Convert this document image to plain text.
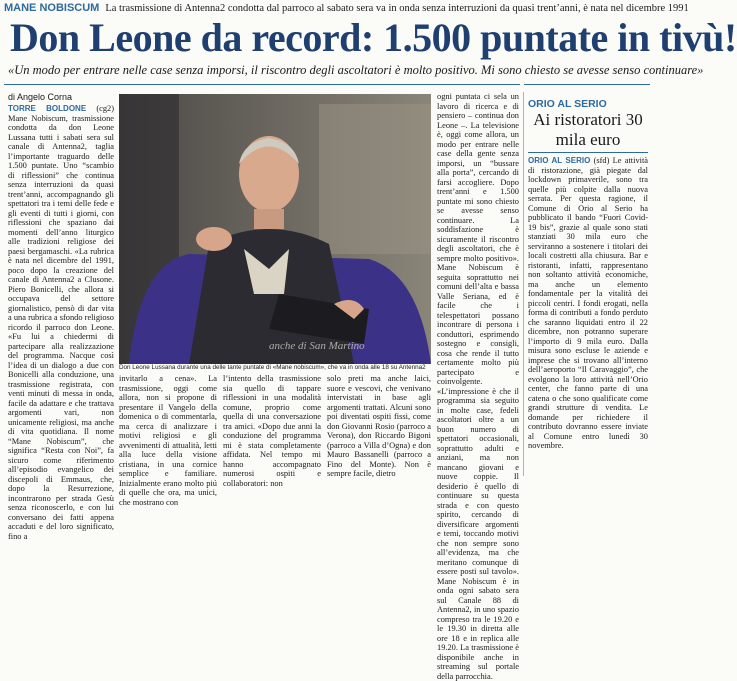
MANE NOBISCUM La trasmissione di Antenna2 condotta dal parroco al sabato sera va in onda senza interruzioni da quasi trent’anni, è nata nel dicembre 1991
Don Leone da record: 1.500 puntate in tivù!
«Un modo per entrare nelle case senza imporsi, il riscontro degli ascoltatori è molto positivo. Mi sono chiesto se avesse senso continuare»
di Angelo Corna

TORRE BOLDONE (cg2) Mane Nobiscum, trasmissione condotta da don Leone Lussana tutti i sabati sera sul canale di Antenna2, taglia l’importante traguardo delle 1.500 puntate. Uno “scambio di riflessioni” che continua senza interruzioni da quasi trent’anni, accompagnando gli spettatori tra i temi delle fede e gli eventi di tutti i giorni, con riflessioni che spaziano dai momenti dell’anno liturgico alle tradizioni religiose dei paesi bergamaschi. «La rubrica è nata nel dicembre del 1991, poco dopo la creazione del canale di Antenna2 a Clusone. Piero Bonicelli, che allora si occupava del settore giornalistico, pensò di dar vita a una rubrica a sfondo religioso ricordo il parroco don Leone. «Fu lui a chiedermi di partecipare alla realizzazione del programma. Nacque così l’idea di un dialogo a due con Bonicelli alla conduzione, una trasmissione registrata, con venti minuti di messa in onda, facile da adattare e che trattava argomenti vari, non unicamente religiosi, ma anche di vita quotidiana. Il nome “Mane Nobiscum”, che significa “Resta con Noi”, fa sicuro come riferimento all’episodio evangelico dei discepoli di Emmaus, che, dopo la Resurrezione, incontrarono per strada Gesù senza riconoscerlo, e con lui conversano dei fatti appena accaduti e del loro significato, fino a

anche di San Martino
Don Leone Lussana durante una delle tante puntate di «Mane nobiscum», che va in onda alle 18 su Antenna2

invitarlo a cena». La trasmissione, oggi come allora, non si propone di presentare il Vangelo della domenica o di commentarla, ma cerca di analizzare i motivi religiosi e gli avvenimenti di attualità, letti alla luce della visione cristiana, in una cornice semplice e familiare. Inizialmente erano molto piú di quelle che ora, ma unici, che mostrano con

l’intento della trasmissione sia quello di tappare riflessioni in una modalità comune, proprio come quella di una conversazione tra amici. «Dopo due anni la conduzione del programma mi è stata completamente affidata. Nel tempo mi hanno accompagnato numerosi ospiti e collaboratori: non

solo preti ma anche laici, suore e vescovi, che venivano intervistati in base agli argomenti trattati. Alcuni sono poi diventati ospiti fissi, come don Giovanni Rosio (parroco a Verona), don Riccardo Bigoni (parroco a Villa d’Ogna) e don Mauro Bassanelli (parroco a Fino del Monte). Non è sempre facile, dietro

ogni puntata ci sela un lavoro di ricerca e di pensiero – continua don Leone –. La televisione è, oggi come allora, un modo per entrare nelle case della gente senza imporsi, un “bussare alla porta”, cercando di farsi accogliere. Dopo trent’anni e 1.500 puntate mi sono chiesto se avesse senso continuare. La soddisfazione è sicuramente il riscontro degli ascoltatori, che è sempre molto positivo». Mane Nobiscum è seguita soprattutto nei comuni dell’alta e bassa Valle Seriana, ed è facile che i telespettatori possano incontrare di persona i conduttori, esprimendo sostegno e consigli, cosa che rende il tutto certamente molto più partecipato e coinvolgente. «L’impressione è che il programma sia seguito in molte case, fedeli ascoltatori oltre a un buon numero di spettatori occasionali, soprattutto adulti e anziani, ma non mancano giovani e nuove coppie. Il desiderio è quello di continuare su questa strada e con questo spirito, cercando di diversificare argomenti e temi, toccando motivi che non sempre sono all’evidenza, ma che meritano comunque di essere posti sul tavolo». Mane Nobiscum è in onda ogni sabato sera sul Canale 88 di Antenna2, in uno spazio compreso tra le 19.20 e le 19.30 in diretta alle ore 18 e in replica alle 19.20. La trasmissione è disponibile anche in streaming sul portale della parrocchia.

ORIO AL SERIO
Ai ristoratori 30 mila euro

ORIO AL SERIO (sfd) Le attività di ristorazione, già piegate dal lockdown primaverile, sono tra quelle più colpite dalla nuova serrata. Per questa ragione, il Comune di Orio al Serio ha pubblicato il bando “Fuori Covid-19 bis”, grazie al quale sono stati stanziati 30 mila euro che serviranno a sostenere i titolari dei locali costretti alla chiusura. Bar e ristoranti, infatti, rappresentano non soltanto attività economiche, ma anche un elemento fondamentale per la vitalità dei piccoli centri. I fondi erogati, nella forma di contributi a fondo perduto che saranno liquidati entro il 22 dicembre, non potranno superare l’importo di 9 mila euro. Dalla misura sono escluse le aziende e imprese che si trovano all’interno dell’aeroporto “Il Caravaggio”, che evolgono la loro attività nell’Orio center, che fanno parte di una catena o che sono qualificate come grandi strutture di vendita. Le domande per richiedere il contributo dovranno essere inviate al Comune entro lunedì 30 novembre.
